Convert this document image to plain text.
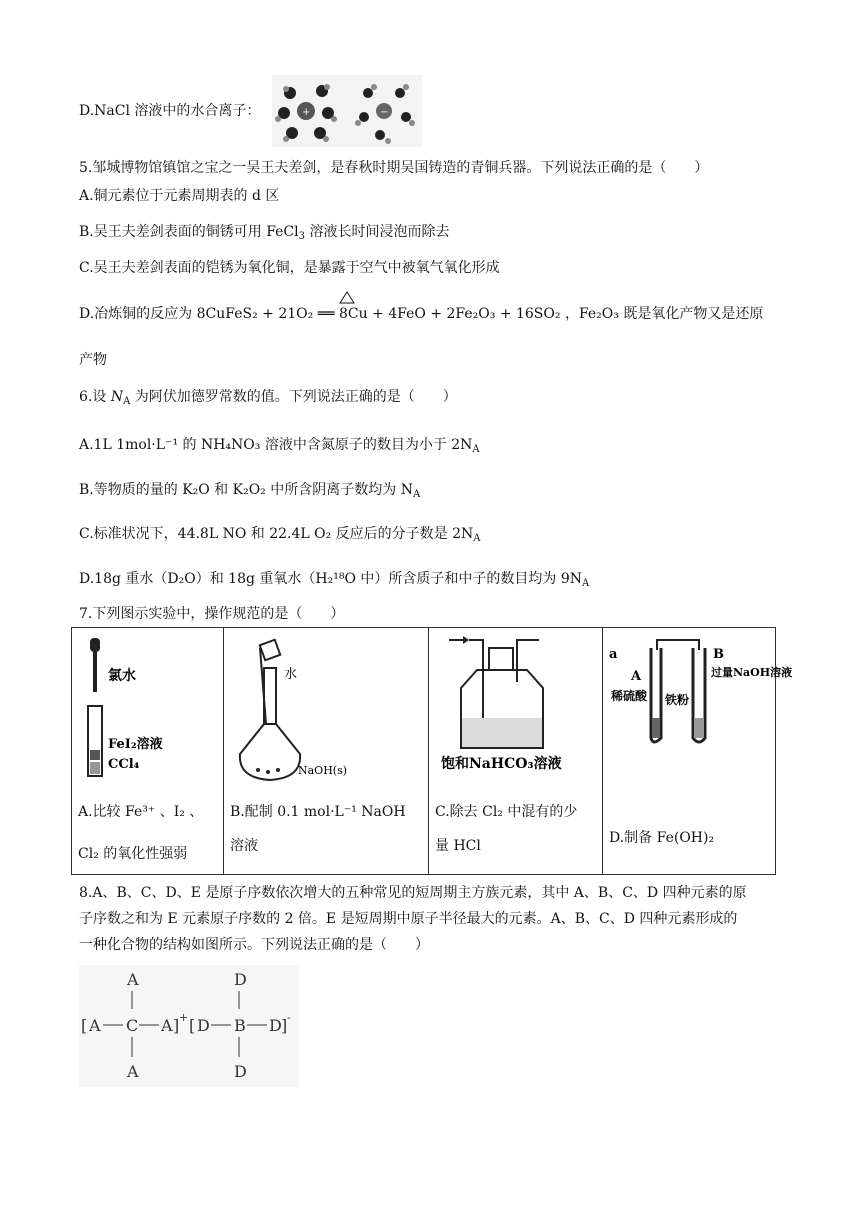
D.NaCl 溶液中的水合离子：	+	−
5.邹城博物馆镇馆之宝之一吴王夫差剑，是春秋时期吴国铸造的青铜兵器。下列说法正确的是（　　）
A.铜元素位于元素周期表的 d 区
B.吴王夫差剑表面的铜锈可用 FeCl$_3$ 溶液长时间浸泡而除去
C.吴王夫差剑表面的铠锈为氧化铜，是暴露于空气中被氧气氧化形成
D.冶炼铜的反应为 8CuFeS₂ + 21O₂ ══ 8Cu + 4FeO + 2Fe₂O₃ + 16SO₂ ，Fe₂O₃ 既是氧化产物又是还原
产物
6.设 $N_A$ 为阿伏加德罗常数的值。下列说法正确的是（　　）
A.1L 1mol·L⁻¹ 的 NH₄NO₃ 溶液中含氮原子的数目为小于 $2N_A$
B.等物质的量的 K₂O 和 K₂O₂ 中所含阴离子数均为 $N_A$
C.标准状况下，44.8L NO 和 22.4L O₂ 反应后的分子数是 $2N_A$
D.18g 重水（D₂O）和 18g 重氧水（H₂¹⁸O 中）所含质子和中子的数目均为 $9N_A$
7.下列图示实验中，操作规范的是（　　）
氯水
FeI₂溶液
CCl₄
A.比较 Fe³⁺ 、I₂ 、
Cl₂ 的氧化性强弱

水
NaOH(s)
B.配制 0.1 mol·L⁻¹ NaOH
溶液

饱和NaHCO₃溶液
C.除去 Cl₂ 中混有的少
量 HCl

a
A
稀硫酸 铁粉
B
过量NaOH溶液
D.制备 Fe(OH)₂
8.A、B、C、D、E 是原子序数依次增大的五种常见的短周期主方族元素，其中 A、B、C、D 四种元素的原
子序数之和为 E 元素原子序数的 2 倍。E 是短周期中原子半径最大的元素。A、B、C、D 四种元素形成的
一种化合物的结构如图所示。下列说法正确的是（　　）
A
[ A C A ] +
A
D
[ D B D ] -
D
